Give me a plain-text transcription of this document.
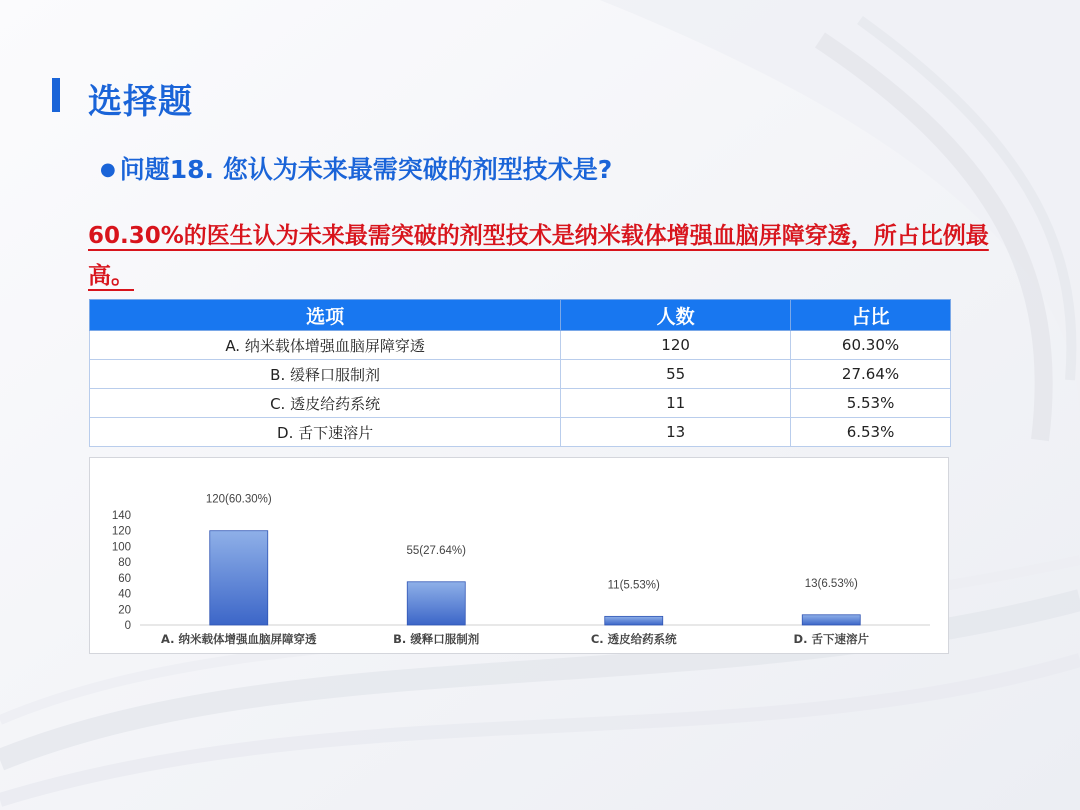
选择题
● 问题18. 您认为未来最需突破的剂型技术是?
60.30%的医生认为未来最需突破的剂型技术是纳米载体增强血脑屏障穿透，所占比例最高。
选项	人数	占比
A. 纳米载体增强血脑屏障穿透	120	60.30%
B. 缓释口服制剂	55	27.64%
C. 透皮给药系统	11	5.53%
D. 舌下速溶片	13	6.53%
0
20
40
60
80
100
120
140
120(60.30%)
A. 纳米载体增强血脑屏障穿透
55(27.64%)
B. 缓释口服制剂
11(5.53%)
C. 透皮给药系统
13(6.53%)
D. 舌下速溶片
